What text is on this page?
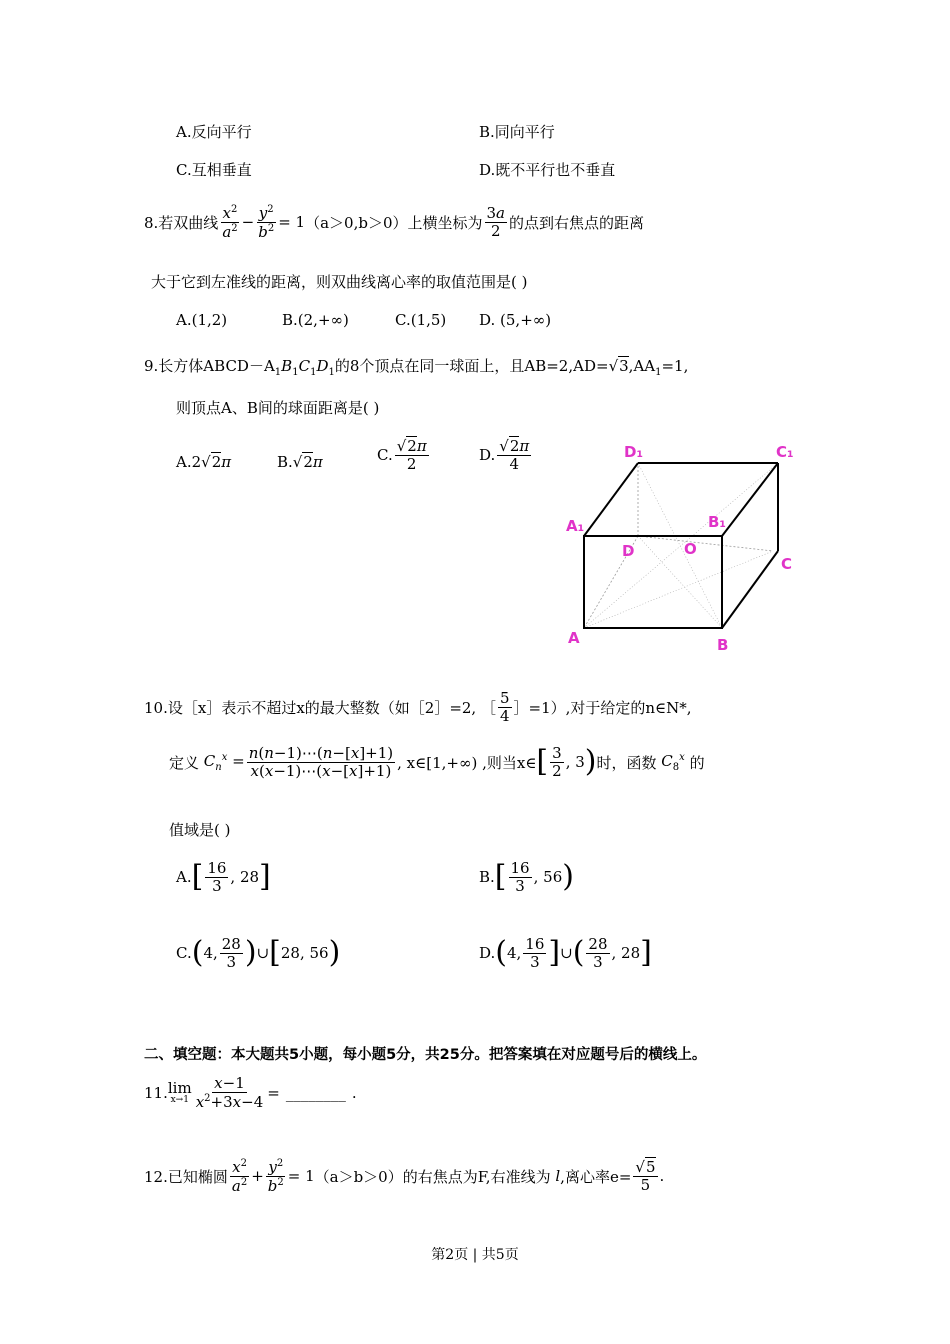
A.反向平行	B.同向平行
C.互相垂直	D.既不平行也不垂直
8.若双曲线 $\frac{x^2}{a^2} - \frac{y^2}{b^2} = 1$ （a＞0,b＞0）上横坐标为 $\frac{3a}{2}$ 的点到右焦点的距离
大于它到左准线的距离，则双曲线离心率的取值范围是( )
A.(1,2)	B.(2,+∞)	C.(1,5) D. (5,+∞)
9.长方体$ABCD-A_1B_1C_1D_1$的8个顶点在同一球面上，且$AB=2,AD=√3,AA_1=1$,
则顶点A、B间的球面距离是( )
A.2√2π	B.√2π	C. $\frac{√2\pi}{2}$	D. $\frac{√2\pi}{4}$	D₁	C₁
A₁	B₁
D	O
C
A	B
10.设［x］表示不超过x的最大整数（如［2］=2, ［ $\frac{5}{4}$ ］=1）,对于给定的n∈N*,
定义 $C_n^x = \frac{n(n-1)\cdots(n-[x]+1)}{x(x-1)\cdots(x-[x]+1)}$ , x∈[1,+∞) ,则当x∈ [ $\frac{3}{2}$ , 3 ) 时，函数 $C_8^x$ 的
值域是( )
A. [ $\frac{16}{3}$ , 28 ]	B. [ $\frac{16}{3}$ , 56 )
C. ( 4, $\frac{28}{3}$ ) ∪ [ 28, 56 )	D. ( 4, $\frac{16}{3}$ ] ∪ ( $\frac{28}{3}$ , 28 ]
二、填空题：本大题共5小题，每小题5分，共25分。把答案填在对应题号后的横线上。
11. lim
$x\to 1 \frac{x-1}{x^2+3x-4}$ = ________ .
12.已知椭圆 $\frac{x^2}{a^2} + \frac{y^2}{b^2} = 1$ （a＞b＞0）的右焦点为F,右准线为 l ,离心率$e= \frac{√5}{5}$ .
第2页 | 共5页
